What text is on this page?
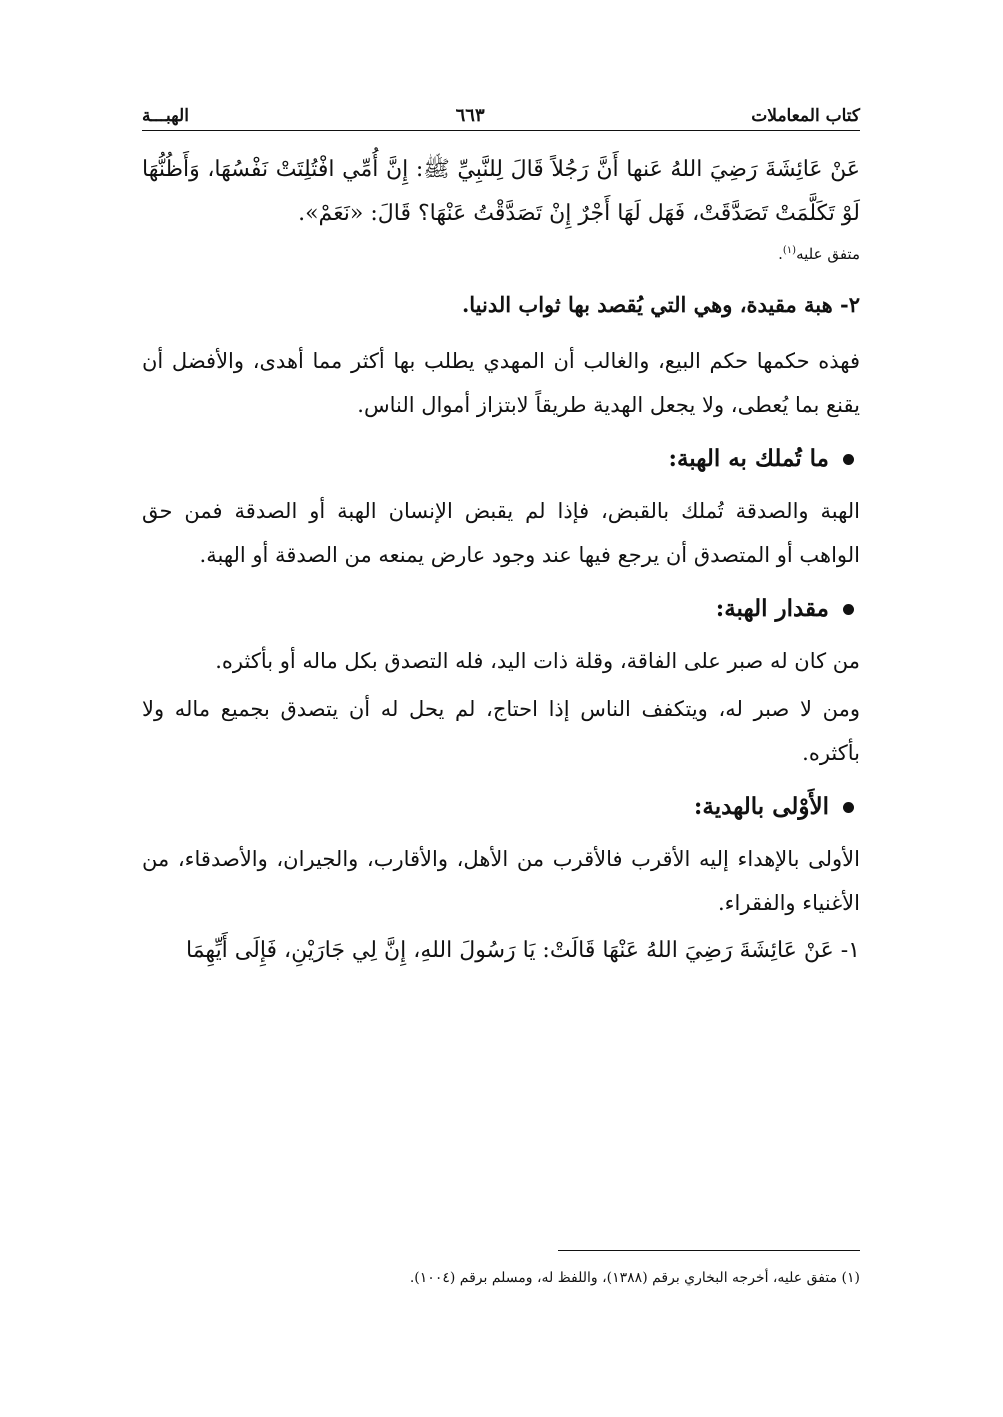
كتاب المعاملات
٦٦٣
الهبـــة

عَنْ عَائِشَةَ رَضِيَ اللهُ عَنها أَنَّ رَجُلاً قَالَ لِلنَّبِيِّ ﷺ: إِنَّ أُمِّي افْتُلِتَتْ نَفْسُهَا، وَأَظُنُّهَا لَوْ تَكَلَّمَتْ تَصَدَّقَتْ، فَهَل لَهَا أَجْرٌ إِنْ تَصَدَّقْتُ عَنْهَا؟ قَالَ: «نَعَمْ».

متفق عليه$^{(١)}$.

٢- هبة مقيدة، وهي التي يُقصد بها ثواب الدنيا.

فهذه حكمها حكم البيع، والغالب أن المهدي يطلب بها أكثر مما أهدى، والأفضل أن يقنع بما يُعطى، ولا يجعل الهدية طريقاً لابتزاز أموال الناس.

ما تُملك به الهبة:

الهبة والصدقة تُملك بالقبض، فإذا لم يقبض الإنسان الهبة أو الصدقة فمن حق الواهب أو المتصدق أن يرجع فيها عند وجود عارض يمنعه من الصدقة أو الهبة.

مقدار الهبة:

من كان له صبر على الفاقة، وقلة ذات اليد، فله التصدق بكل ماله أو بأكثره.

ومن لا صبر له، ويتكفف الناس إذا احتاج، لم يحل له أن يتصدق بجميع ماله ولا بأكثره.

الأَوْلى بالهدية:

الأولى بالإهداء إليه الأقرب فالأقرب من الأهل، والأقارب، والجيران، والأصدقاء، من الأغنياء والفقراء.

١- عَنْ عَائِشَةَ رَضِيَ اللهُ عَنْهَا قَالَتْ: يَا رَسُولَ اللهِ، إِنَّ لِي جَارَيْنِ، فَإِلَى أَيِّهِمَا

(١) متفق عليه، أخرجه البخاري برقم (١٣٨٨)، واللفظ له، ومسلم برقم (١٠٠٤).
